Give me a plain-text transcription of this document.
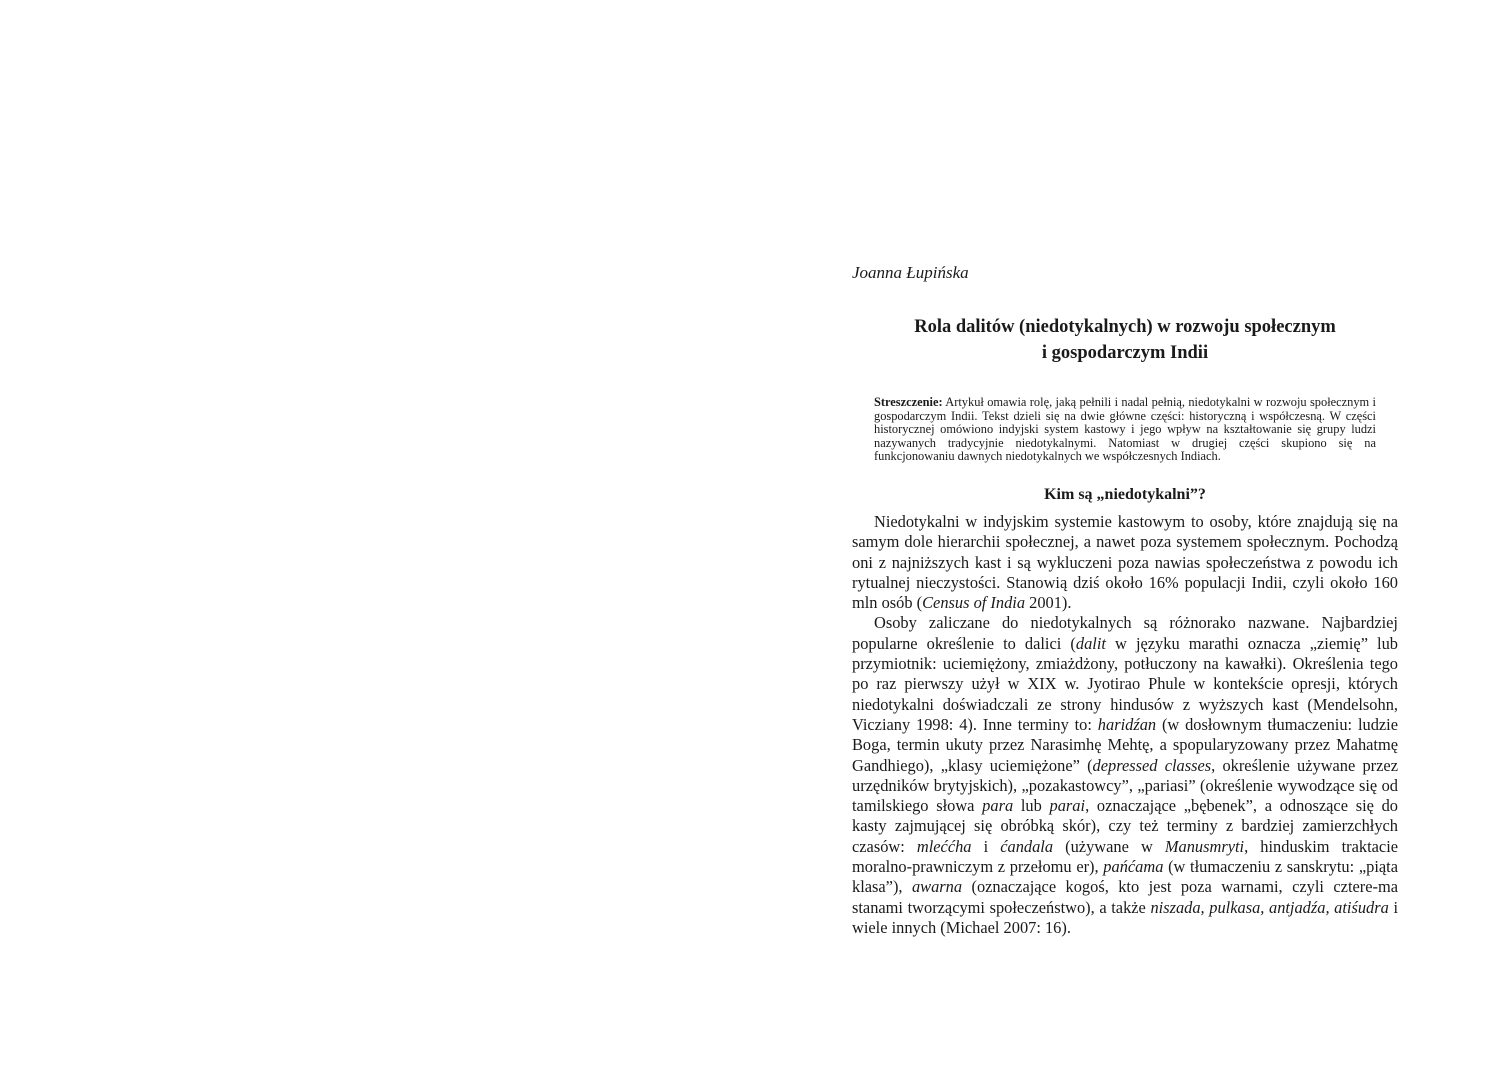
Joanna Łupińska

Rola dalitów (niedotykalnych) w rozwoju społecznym
i gospodarczym Indii
Streszczenie: Artykuł omawia rolę, jaką pełnili i nadal pełnią, niedotykalni w rozwoju społecznym i gospodarczym Indii. Tekst dzieli się na dwie główne części: historyczną i współczesną. W części historycznej omówiono indyjski system kastowy i jego wpływ na kształtowanie się grupy ludzi nazywanych tradycyjnie niedotykalnymi. Natomiast w drugiej części skupiono się na funkcjonowaniu dawnych niedotykalnych we współczesnych Indiach.
Kim są „niedotykalni”?

Niedotykalni w indyjskim systemie kastowym to osoby, które znajdują się na samym dole hierarchii społecznej, a nawet poza systemem społecznym. Pochodzą oni z najniższych kast i są wykluczeni poza nawias społeczeństwa z powodu ich rytualnej nieczystości. Stanowią dziś około 16% populacji Indii, czyli około 160 mln osób (Census of India 2001).

Osoby zaliczane do niedotykalnych są różnorako nazwane. Najbardziej popularne określenie to dalici (dalit w języku marathi oznacza „ziemię” lub przymiotnik: uciemiężony, zmiażdżony, potłuczony na kawałki). Określenia tego po raz pierwszy użył w XIX w. Jyotirao Phule w kontekście opresji, których niedotykalni doświadczali ze strony hindusów z wyższych kast (Mendelsohn, Vicziany 1998: 4). Inne terminy to: haridźan (w dosłownym tłumaczeniu: ludzie Boga, termin ukuty przez Narasimhę Mehtę, a spopularyzowany przez Mahatmę Gandhiego), „klasy uciemiężone” (depressed classes, określenie używane przez urzędników brytyjskich), „pozakastowcy”, „pariasi” (określenie wywodzące się od tamilskiego słowa para lub parai, oznaczające „bębenek”, a odnoszące się do kasty zajmującej się obróbką skór), czy też terminy z bardziej zamierzchłych czasów: mleććha i ćandala (używane w Manusmryti, hinduskim traktacie moralno-prawniczym z przełomu er), pańćama (w tłumaczeniu z sanskrytu: „piąta klasa”), awarna (oznaczające kogoś, kto jest poza warnami, czyli cztere-ma stanami tworzącymi społeczeństwo), a także niszada, pulkasa, antjadźa, atiśudra i wiele innych (Michael 2007: 16).
